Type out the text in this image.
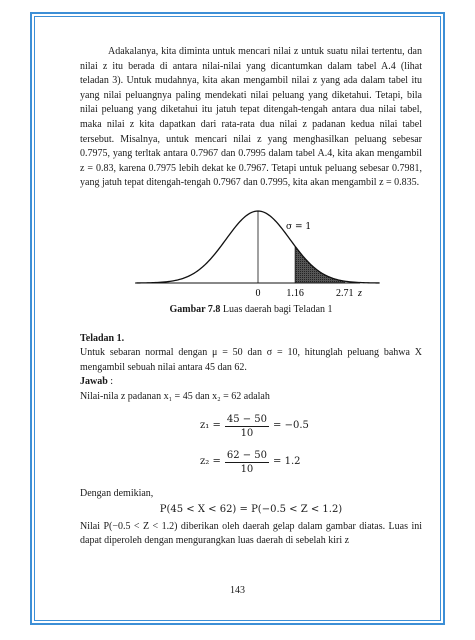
Adakalanya, kita diminta untuk mencari nilai z untuk suatu nilai tertentu, dan nilai z itu berada di antara nilai-nilai yang dicantumkan dalam tabel A.4 (lihat teladan 3). Untuk mudahnya, kita akan mengambil nilai z yang ada dalam tabel itu yang nilai peluangnya paling mendekati nilai peluang yang diketahui. Tetapi, bila nilai peluang yang diketahui itu jatuh tepat ditengah-tengah antara dua nilai tabel, maka nilai z kita dapatkan dari rata-rata dua nilai z padanan kedua nilai tabel tersebut. Misalnya, untuk mencari nilai z yang menghasilkan peluang sebesar 0.7975, yang terltak antara 0.7967 dan 0.7995 dalam tabel A.4, kita akan mengambil z = 0.83, karena 0.7975 lebih dekat ke 0.7967. Tetapi untuk peluang sebesar 0.7981, yang jatuh tepat ditengah-tengah 0.7967 dan 0.7995, kita akan mengambil z = 0.835.

σ = 1
0	1.16	2.71 z
Gambar 7.8 Luas daerah bagi Teladan 1

Teladan 1.

Untuk sebaran normal dengan μ = 50 dan σ = 10, hitunglah peluang bahwa X mengambil sebuah nilai antara 45 dan 62.

Jawab :

Nilai-nila z padanan x₁ = 45 dan x₂ = 62 adalah

$z_1 = \frac{45 - 50}{10} = -0.5$
$z_2 = \frac{62 - 50}{10} = 1.2$

Dengan demikian,

P(45 < X < 62) = P(−0.5 < Z < 1.2)

Nilai P(−0.5 < Z < 1.2) diberikan oleh daerah gelap dalam gambar diatas. Luas ini dapat diperoleh dengan mengurangkan luas daerah di sebelah kiri z

143
